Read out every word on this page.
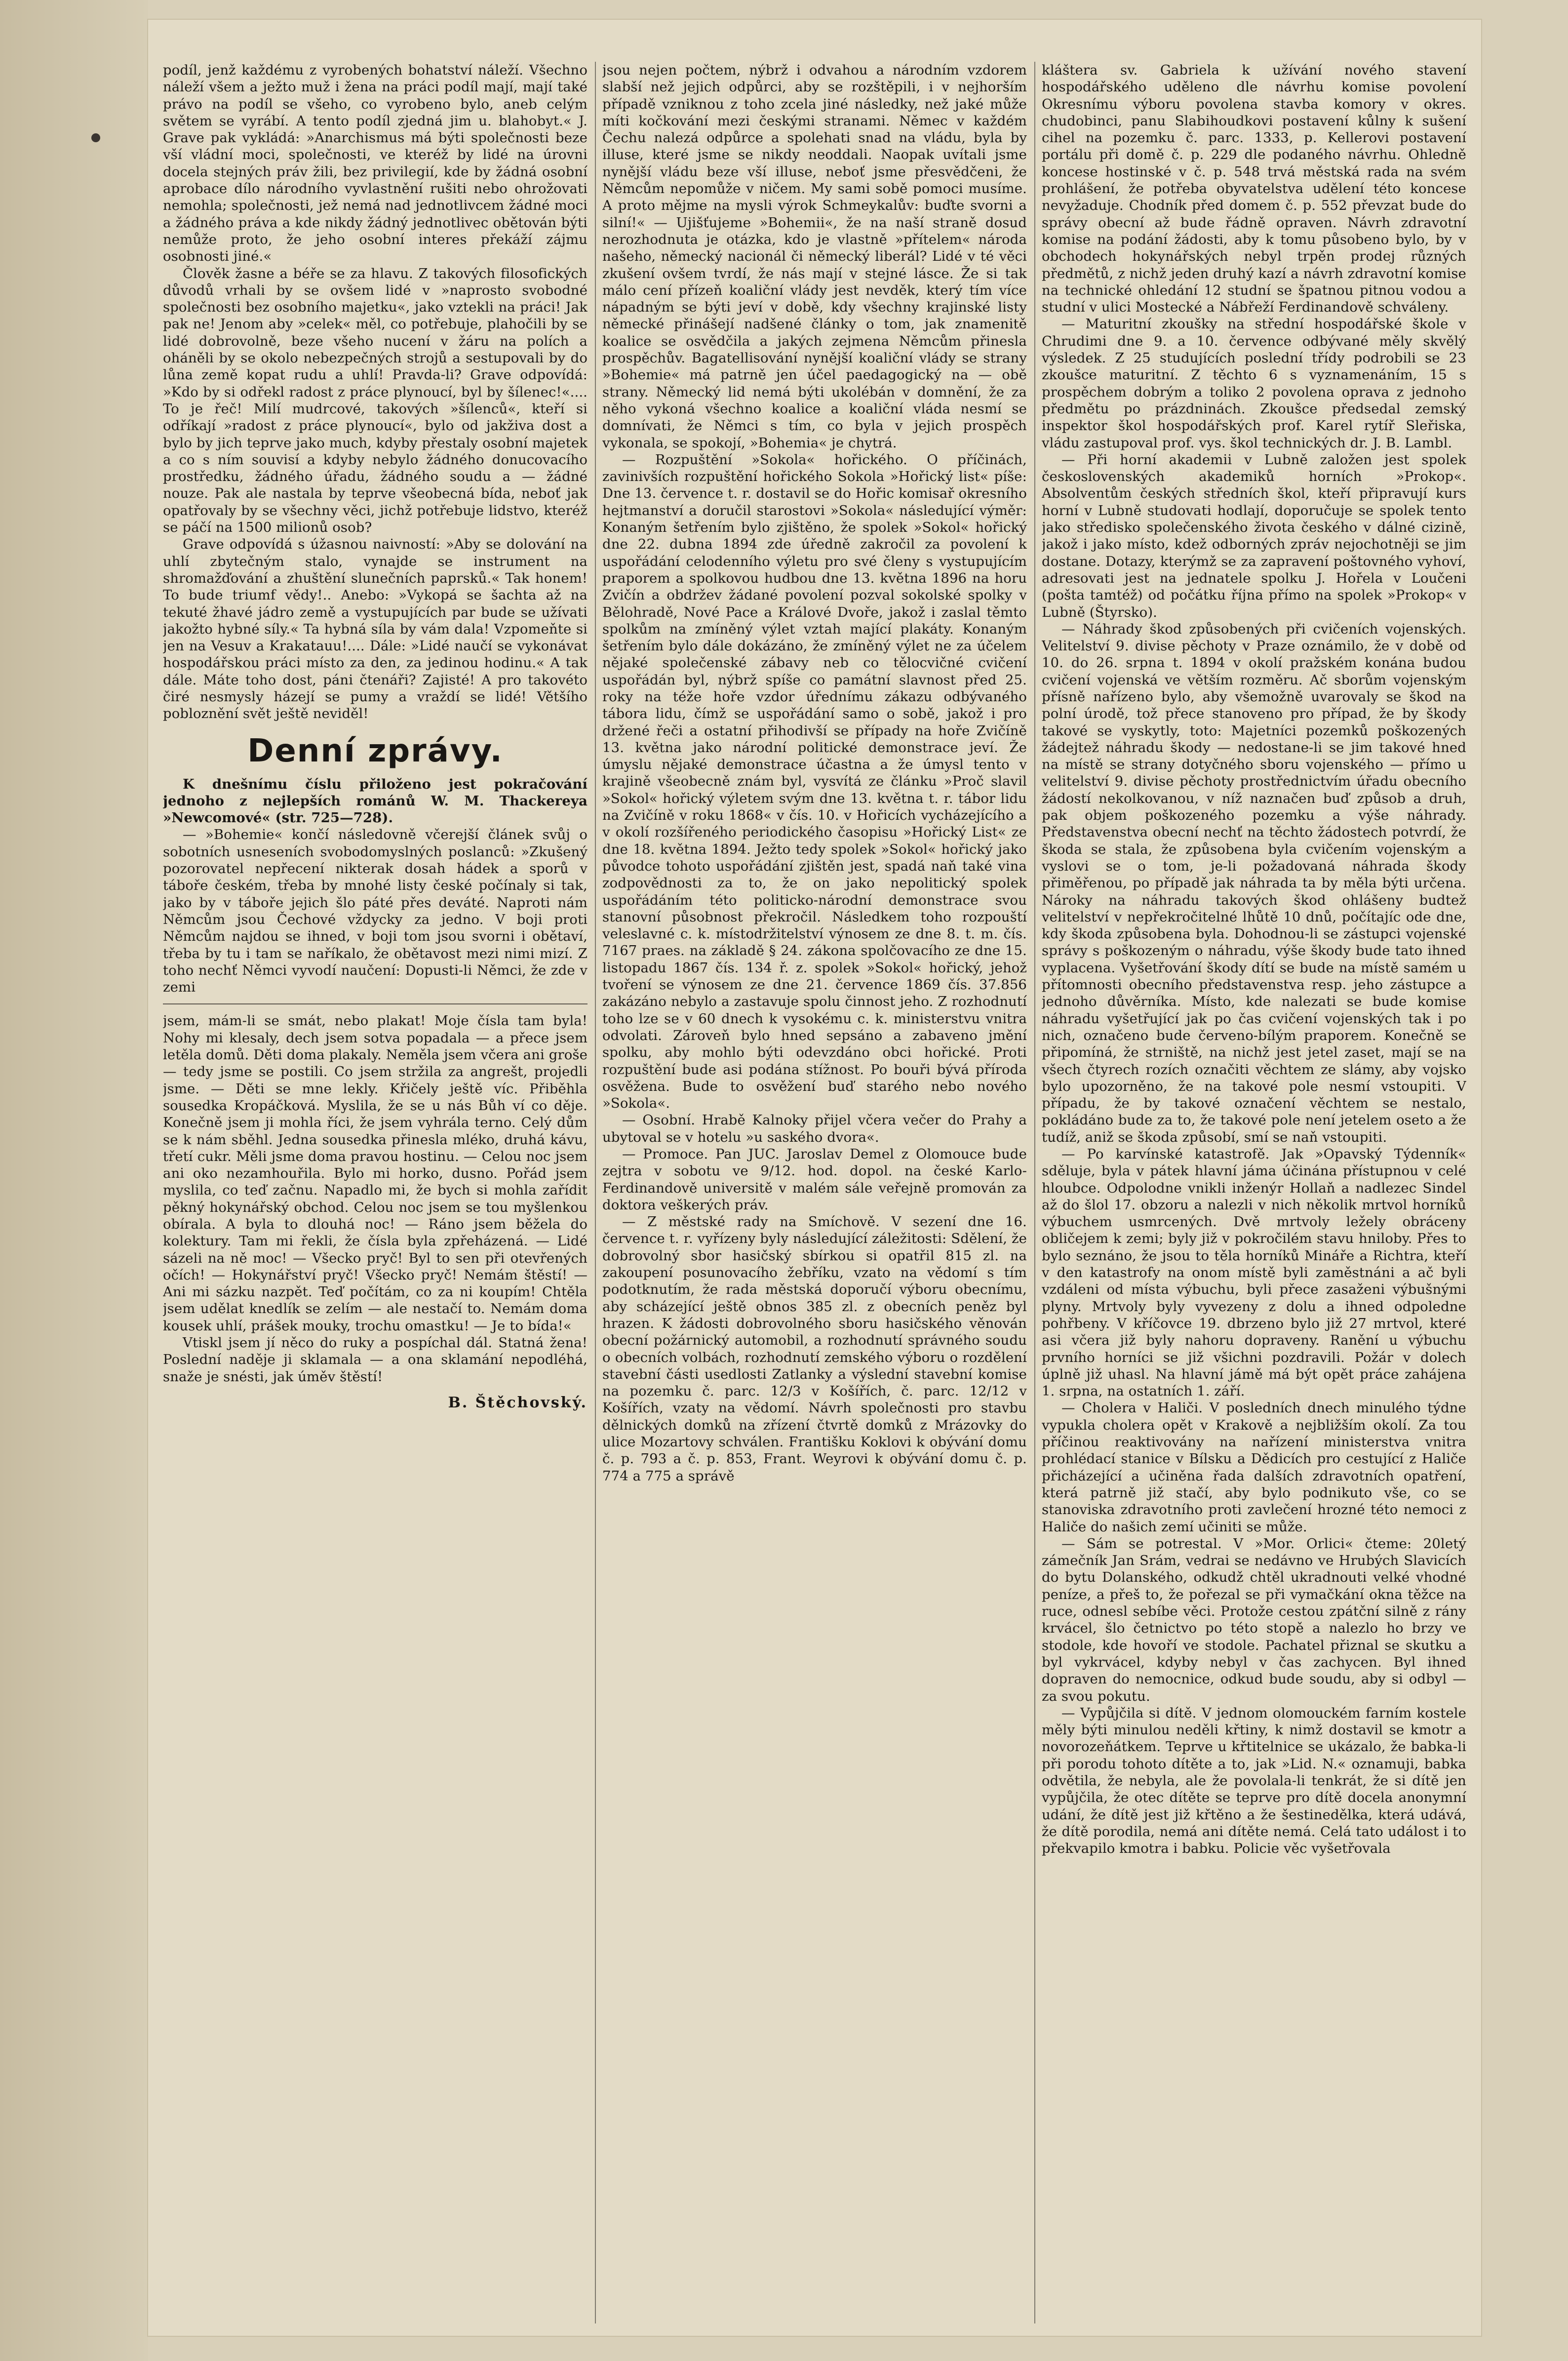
podíl, jenž každému z vyrobených bohatství náleží. Všechno náleží všem a ježto muž i žena na práci podíl mají, mají také právo na podíl se všeho, co vyrobeno bylo, aneb celým světem se vyrábí. A tento podíl zjedná jim u. blahobyt.« J. Grave pak vykládá: »Anarchismus má býti společnosti beze vší vládní moci, společnosti, ve kteréž by lidé na úrovni docela stejných práv žili, bez privilegií, kde by žádná osobní aprobace dílo národního vyvlastnění rušiti nebo ohrožovati nemohla; společnosti, jež nemá nad jednotlivcem žádné moci a žádného práva a kde nikdy žádný jednotlivec obětován býti nemůže proto, že jeho osobní interes překáží zájmu osobnosti jiné.«

Člověk žasne a béře se za hlavu. Z takových filosofických důvodů vrhali by se ovšem lidé v »naprosto svobodné společnosti bez osobního majetku«, jako vztekli na práci! Jak pak ne! Jenom aby »celek« měl, co potřebuje, plahočili by se lidé dobrovolně, beze všeho nucení v žáru na polích a oháněli by se okolo nebezpečných strojů a sestupovali by do lůna země kopat rudu a uhlí! Pravda-li? Grave odpovídá: »Kdo by si odřekl radost z práce plynoucí, byl by šílenec!«.... To je řeč! Milí mudrcové, takových »šílenců«, kteří si odříkají »radost z práce plynoucí«, bylo od jakživa dost a bylo by jich teprve jako much, kdyby přestaly osobní majetek a co s ním souvisí a kdyby nebylo žádného donucovacího prostředku, žádného úřadu, žádného soudu a — žádné nouze. Pak ale nastala by teprve všeobecná bída, neboť jak opatřovaly by se všechny věci, jichž potřebuje lidstvo, kteréž se páčí na 1500 milionů osob?

Grave odpovídá s úžasnou naivností: »Aby se dolování na uhlí zbytečným stalo, vynajde se instrument na shromažďování a zhuštění slunečních paprsků.« Tak honem! To bude triumf vědy!.. Anebo: »Vykopá se šachta až na tekuté žhavé jádro země a vystupujících par bude se užívati jakožto hybné síly.« Ta hybná síla by vám dala! Vzpomeňte si jen na Vesuv a Krakatauu!.... Dále: »Lidé naučí se vykonávat hospodářskou práci místo za den, za jedinou hodinu.« A tak dále. Máte toho dost, páni čtenáři? Zajisté! A pro takovéto čiré nesmysly házejí se pumy a vraždí se lidé! Většího pobloznění svět ještě neviděl!

Denní zprávy.

K dnešnímu číslu přiloženo jest pokračování jednoho z nejlepších románů W. M. Thackereya »Newcomové« (str. 725—728).

— »Bohemie« končí následovně včerejší článek svůj o sobotních usneseních svobodomyslných poslanců: »Zkušený pozorovatel nepřecení nikterak dosah hádek a sporů v táboře českém, třeba by mnohé listy české počínaly si tak, jako by v táboře jejich šlo páté přes deváté. Naproti nám Němcům jsou Čechové vždycky za jedno. V boji proti Němcům najdou se ihned, v boji tom jsou svorni i obětaví, třeba by tu i tam se naříkalo, že obětavost mezi nimi mizí. Z toho nechť Němci vyvodí naučení: Dopusti-li Němci, že zde v zemi

jsem, mám-li se smát, nebo plakat! Moje čísla tam byla! Nohy mi klesaly, dech jsem sotva popadala — a přece jsem letěla domů. Děti doma plakaly. Neměla jsem včera ani groše — tedy jsme se postili. Co jsem stržila za angrešt, projedli jsme. — Děti se mne lekly. Křičely ještě víc. Přiběhla sousedka Kropáčková. Myslila, že se u nás Bůh ví co děje. Konečně jsem ji mohla říci, že jsem vyhrála terno. Celý dům se k nám sběhl. Jedna sousedka přinesla mléko, druhá kávu, třetí cukr. Měli jsme doma pravou hostinu. — Celou noc jsem ani oko nezamhouřila. Bylo mi horko, dusno. Pořád jsem myslila, co teď začnu. Napadlo mi, že bych si mohla zařídit pěkný hokynářský obchod. Celou noc jsem se tou myšlenkou obírala. A byla to dlouhá noc! — Ráno jsem běžela do kolektury. Tam mi řekli, že čísla byla zpřeházená. — Lidé sázeli na ně moc! — Všecko pryč! Byl to sen při otevřených očích! — Hokynářství pryč! Všecko pryč! Nemám štěstí! — Ani mi sázku nazpět. Teď počítám, co za ni koupím! Chtěla jsem udělat knedlík se zelím — ale nestačí to. Nemám doma kousek uhlí, prášek mouky, trochu omastku! — Je to bída!«

Vtiskl jsem jí něco do ruky a pospíchal dál. Statná žena! Poslední naděje ji sklamala — a ona sklamání nepodléhá, snaže je snésti, jak úměv štěstí!

B. Štěchovský.

jsou nejen počtem, nýbrž i odvahou a národním vzdorem slabší než jejich odpůrci, aby se rozštěpili, i v nejhorším případě vzniknou z toho zcela jiné následky, než jaké může míti kočkování mezi českými stranami. Němec v každém Čechu nalezá odpůrce a spolehati snad na vládu, byla by illuse, které jsme se nikdy neoddali. Naopak uvítali jsme nynější vládu beze vší illuse, neboť jsme přesvědčeni, že Němcům nepomůže v ničem. My sami sobě pomoci musíme. A proto mějme na mysli výrok Schmeykalův: buďte svorni a silní!« — Ujišťujeme »Bohemii«, že na naší straně dosud nerozhodnuta je otázka, kdo je vlastně »přítelem« národa našeho, německý nacionál či německý liberál? Lidé v té věci zkušení ovšem tvrdí, že nás mají v stejné lásce. Že si tak málo cení přízeň koaliční vlády jest nevděk, který tím více nápadným se býti jeví v době, kdy všechny krajinské listy německé přinášejí nadšené články o tom, jak znamenitě koalice se osvědčila a jakých zejmena Němcům přinesla prospěchův. Bagatellisování nynější koaliční vlády se strany »Bohemie« má patrně jen účel paedagogický na — obě strany. Německý lid nemá býti ukolébán v domnění, že za něho vykoná všechno koalice a koaliční vláda nesmí se domnívati, že Němci s tím, co byla v jejich prospěch vykonala, se spokojí, »Bohemia« je chytrá.

— Rozpuštění »Sokola« hořického. O příčinách, zavinivších rozpuštění hořického Sokola »Hořický list« píše: Dne 13. července t. r. dostavil se do Hořic komisař okresního hejtmanství a doručil starostovi »Sokola« následující výměr: Konaným šetřením bylo zjištěno, že spolek »Sokol« hořický dne 22. dubna 1894 zde úředně zakročil za povolení k uspořádání celodenního výletu pro své členy s vystupujícím praporem a spolkovou hudbou dne 13. května 1896 na horu Zvičín a obdržev žádané povolení pozval sokolské spolky v Bělohradě, Nové Pace a Králové Dvoře, jakož i zaslal těmto spolkům na zmíněný výlet vztah mající plakáty. Konaným šetřením bylo dále dokázáno, že zmíněný výlet ne za účelem nějaké společenské zábavy neb co tělocvičné cvičení uspořádán byl, nýbrž spíše co památní slavnost před 25. roky na téže hoře vzdor úřednímu zákazu odbývaného tábora lidu, čímž se uspořádání samo o sobě, jakož i pro držené řeči a ostatní přihodivší se případy na hoře Zvičíně 13. května jako národní politické demonstrace jeví. Že úmyslu nějaké demonstrace účastna a že úmysl tento v krajině všeobecně znám byl, vysvítá ze článku »Proč slavil »Sokol« hořický výletem svým dne 13. května t. r. tábor lidu na Zvičíně v roku 1868« v čís. 10. v Hořicích vycházejícího a v okolí rozšířeného periodického časopisu »Hořický List« ze dne 18. května 1894. Ježto tedy spolek »Sokol« hořický jako původce tohoto uspořádání zjištěn jest, spadá naň také vina zodpovědnosti za to, že on jako nepolitický spolek uspořádáním této politicko-národní demonstrace svou stanovní působnost překročil. Následkem toho rozpouští veleslavné c. k. místodržitelství výnosem ze dne 8. t. m. čís. 7167 praes. na základě § 24. zákona spolčovacího ze dne 15. listopadu 1867 čís. 134 ř. z. spolek »Sokol« hořický, jehož tvoření se výnosem ze dne 21. července 1869 čís. 37.856 zakázáno nebylo a zastavuje spolu činnost jeho. Z rozhodnutí toho lze se v 60 dnech k vysokému c. k. ministerstvu vnitra odvolati. Zároveň bylo hned sepsáno a zabaveno jmění spolku, aby mohlo býti odevzdáno obci hořické. Proti rozpuštění bude asi podána stížnost. Po bouři bývá příroda osvěžena. Bude to osvěžení buď starého nebo nového »Sokola«.

— Osobní. Hrabě Kalnoky přijel včera večer do Prahy a ubytoval se v hotelu »u saského dvora«.

— Promoce. Pan JUC. Jaroslav Demel z Olomouce bude zejtra v sobotu ve 9/12. hod. dopol. na české Karlo-Ferdinandově universitě v malém sále veřejně promován za doktora veškerých práv.

— Z městské rady na Smíchově. V sezení dne 16. července t. r. vyřízeny byly následující záležitosti: Sdělení, že dobrovolný sbor hasičský sbírkou si opatřil 815 zl. na zakoupení posunovacího žebříku, vzato na vědomí s tím podotknutím, že rada městská doporučí výboru obecnímu, aby scházející ještě obnos 385 zl. z obecních peněz byl hrazen. K žádosti dobrovolného sboru hasičského věnován obecní požárnický automobil, a rozhodnutí správného soudu o obecních volbách, rozhodnutí zemského výboru o rozdělení stavební části usedlosti Zatlanky a výslední stavební komise na pozemku č. parc. 12/3 v Košířích, č. parc. 12/12 v Košířích, vzaty na vědomí. Návrh společnosti pro stavbu dělnických domků na zřízení čtvrtě domků z Mrázovky do ulice Mozartovy schválen. Františku Koklovi k obývání domu č. p. 793 a č. p. 853, Frant. Weyrovi k obývání domu č. p. 774 a 775 a správě

kláštera sv. Gabriela k užívání nového stavení hospodářského uděleno dle návrhu komise povolení Okresnímu výboru povolena stavba komory v okres. chudobinci, panu Slabihoudkovi postavení kůlny k sušení cihel na pozemku č. parc. 1333, p. Kellerovi postavení portálu při domě č. p. 229 dle podaného návrhu. Ohledně koncese hostinské v č. p. 548 trvá městská rada na svém prohlášení, že potřeba obyvatelstva udělení této koncese nevyžaduje. Chodník před domem č. p. 552 převzat bude do správy obecní až bude řádně opraven. Návrh zdravotní komise na podání žádosti, aby k tomu působeno bylo, by v obchodech hokynářských nebyl trpěn prodej různých předmětů, z nichž jeden druhý kazí a návrh zdravotní komise na technické ohledání 12 studní se špatnou pitnou vodou a studní v ulici Mostecké a Nábřeží Ferdinandově schváleny.

— Maturitní zkoušky na střední hospodářské škole v Chrudimi dne 9. a 10. července odbývané měly skvělý výsledek. Z 25 studujících poslední třídy podrobili se 23 zkoušce maturitní. Z těchto 6 s vyznamenáním, 15 s prospěchem dobrým a toliko 2 povolena oprava z jednoho předmětu po prázdninách. Zkoušce předsedal zemský inspektor škol hospodářských prof. Karel rytíř Sleřiska, vládu zastupoval prof. vys. škol technických dr. J. B. Lambl.

— Při horní akademii v Lubně založen jest spolek československých akademiků horních »Prokop«. Absolventům českých středních škol, kteří připravují kurs horní v Lubně studovati hodlají, doporučuje se spolek tento jako středisko společenského života českého v dálné cizině, jakož i jako místo, kdež odborných zpráv nejochotněji se jim dostane. Dotazy, kterýmž se za zapravení poštovného vyhoví, adresovati jest na jednatele spolku J. Hořela v Loučeni (pošta tamtéž) od počátku října přímo na spolek »Prokop« v Lubně (Štyrsko).

— Náhrady škod způsobených při cvičeních vojenských. Velitelství 9. divise pěchoty v Praze oznámilo, že v době od 10. do 26. srpna t. 1894 v okolí pražském konána budou cvičení vojenská ve větším rozměru. Ač sborům vojenským přísně nařízeno bylo, aby všemožně uvarovaly se škod na polní úrodě, tož přece stanoveno pro případ, že by škody takové se vyskytly, toto: Majetníci pozemků poškozených žádejtež náhradu škody — nedostane-li se jim takové hned na místě se strany dotyčného sboru vojenského — přímo u velitelství 9. divise pěchoty prostřednictvím úřadu obecního žádostí nekolkovanou, v níž naznačen buď způsob a druh, pak objem poškozeného pozemku a výše náhrady. Představenstva obecní nechť na těchto žádostech potvrdí, že škoda se stala, že způsobena byla cvičením vojenským a vyslovi se o tom, je-li požadovaná náhrada škody přiměřenou, po případě jak náhrada ta by měla býti určena. Nároky na náhradu takových škod ohlášeny budtež velitelství v nepřekročitelné lhůtě 10 dnů, počítajíc ode dne, kdy škoda způsobena byla. Dohodnou-li se zástupci vojenské správy s poškozeným o náhradu, výše škody bude tato ihned vyplacena. Vyšetřování škody dítí se bude na místě samém u přítomnosti obecního představenstva resp. jeho zástupce a jednoho důvěrníka. Místo, kde nalezati se bude komise náhradu vyšetřující jak po čas cvičení vojenských tak i po nich, označeno bude červeno-bílým praporem. Konečně se připomíná, že strniště, na nichž jest jetel zaset, mají se na všech čtyrech rozích označiti věchtem ze slámy, aby vojsko bylo upozorněno, že na takové pole nesmí vstoupiti. V případu, že by takové označení věchtem se nestalo, pokládáno bude za to, že takové pole není jetelem oseto a že tudíž, aniž se škoda způsobí, smí se naň vstoupiti.

— Po karvínské katastrofě. Jak »Opavský Týdenník« sděluje, byla v pátek hlavní jáma účinána přístupnou v celé hloubce. Odpolodne vnikli inženýr Hollaň a nadlezec Sindel až do šlol 17. obzoru a nalezli v nich několik mrtvol horníků výbuchem usmrcených. Dvě mrtvoly ležely obráceny obličejem k zemi; byly již v pokročilém stavu hniloby. Přes to bylo seznáno, že jsou to těla horníků Mináře a Richtra, kteří v den katastrofy na onom místě byli zaměstnáni a ač byli vzdáleni od místa výbuchu, byli přece zasaženi výbušnými plyny. Mrtvoly byly vyvezeny z dolu a ihned odpoledne pohřbeny. V kříčovce 19. dbrzeno bylo již 27 mrtvol, které asi včera již byly nahoru dopraveny. Ranění u výbuchu prvního horníci se již všichni pozdravili. Požár v dolech úplně již uhasl. Na hlavní jámě má být opět práce zahájena 1. srpna, na ostatních 1. září.

— Cholera v Haliči. V posledních dnech minulého týdne vypukla cholera opět v Krakově a nejbližším okolí. Za tou příčinou reaktivovány na nařízení ministerstva vnitra prohlédací stanice v Bílsku a Dědicích pro cestující z Haliče přicházející a učiněna řada dalších zdravotních opatření, která patrně již stačí, aby bylo podnikuto vše, co se stanoviska zdravotního proti zavlečení hrozné této nemoci z Haliče do našich zemí učiniti se může.

— Sám se potrestal. V »Mor. Orlici« čteme: 20letý zámečník Jan Srám, vedrai se nedávno ve Hrubých Slavicích do bytu Dolanského, odkudž chtěl ukradnouti velké vhodné peníze, a přeš to, že pořezal se při vymačkání okna těžce na ruce, odnesl sebíbe věci. Protože cestou zpátční silně z rány krvácel, šlo četnictvo po této stopě a nalezlo ho brzy ve stodole, kde hovoří ve stodole. Pachatel přiznal se skutku a byl vykrvácel, kdyby nebyl v čas zachycen. Byl ihned dopraven do nemocnice, odkud bude soudu, aby si odbyl — za svou pokutu.

— Vypůjčila si dítě. V jednom olomouckém farním kostele měly býti minulou neděli křtiny, k nimž dostavil se kmotr a novorozeňátkem. Teprve u křtitelnice se ukázalo, že babka-li při porodu tohoto dítěte a to, jak »Lid. N.« oznamuji, babka odvětila, že nebyla, ale že povolala-li tenkrát, že si dítě jen vypůjčila, že otec dítěte se teprve pro dítě docela anonymní udání, že dítě jest již křtěno a že šestinedělka, která udává, že dítě porodila, nemá ani dítěte nemá. Celá tato událost i to překvapilo kmotra i babku. Policie věc vyšetřovala
